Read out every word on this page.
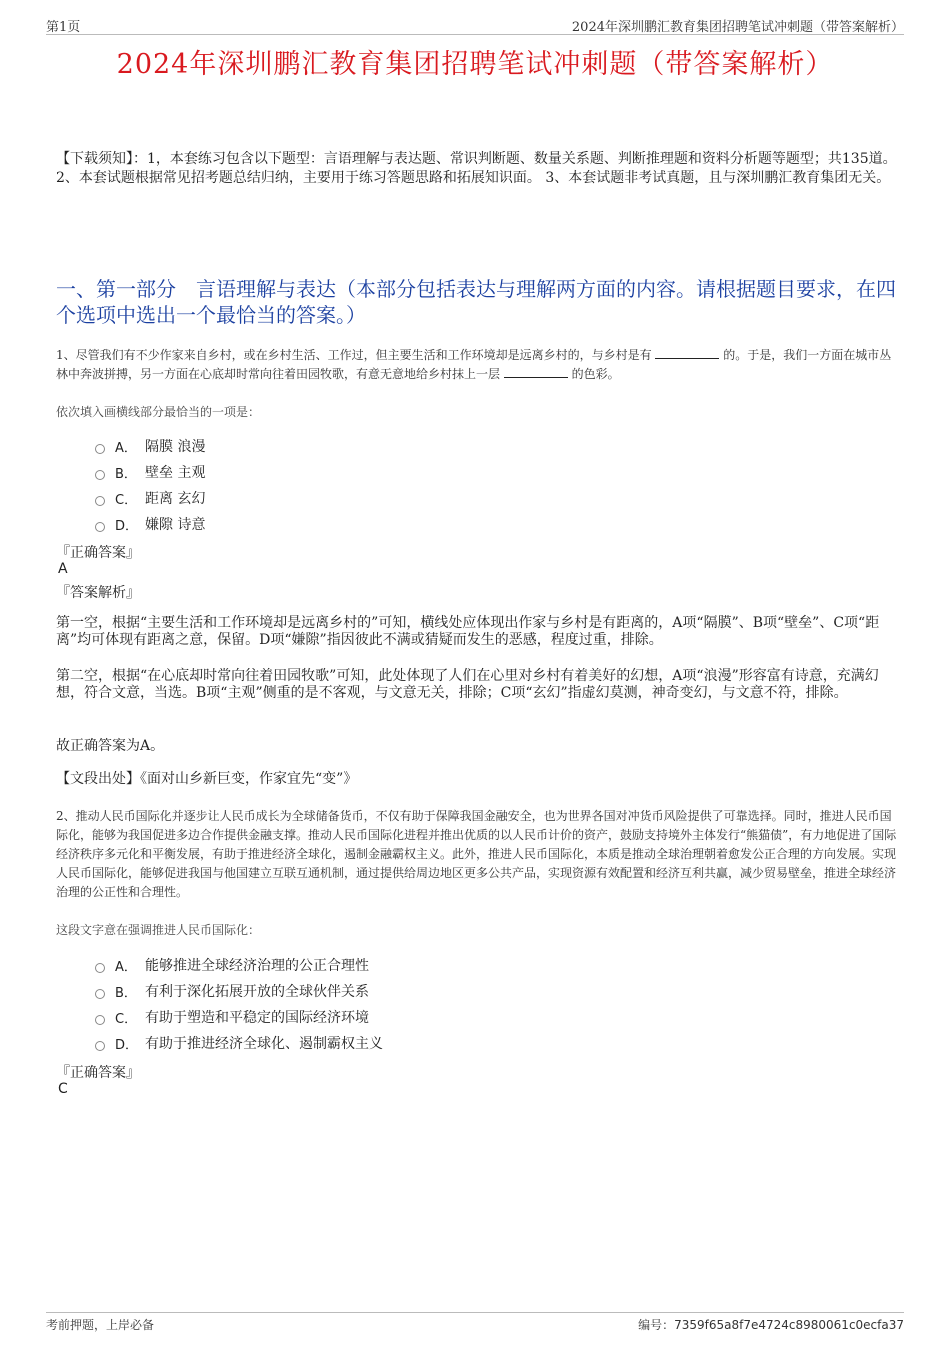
第1页	2024年深圳鹏汇教育集团招聘笔试冲刺题（带答案解析）
2024年深圳鹏汇教育集团招聘笔试冲刺题（带答案解析）
【下载须知】：1，本套练习包含以下题型：言语理解与表达题、常识判断题、数量关系题、判断推理题和资料分析题等题型；共135道。 2、本套试题根据常见招考题总结归纳，主要用于练习答题思路和拓展知识面。 3、本套试题非考试真题，且与深圳鹏汇教育集团无关。
一、第一部分　言语理解与表达（本部分包括表达与理解两方面的内容。请根据题目要求，在四个选项中选出一个最恰当的答案。）
1、尽管我们有不少作家来自乡村，或在乡村生活、工作过，但主要生活和工作环境却是远离乡村的，与乡村是有	的。于是，我们一方面在城市丛林中奔波拼搏，另一方面在心底却时常向往着田园牧歌，有意无意地给乡村抹上一层	的色彩。
依次填入画横线部分最恰当的一项是：
A． 隔膜 浪漫
B． 壁垒 主观
C． 距离 玄幻
D． 嫌隙 诗意
『正确答案』
A
『答案解析』
第一空，根据“主要生活和工作环境却是远离乡村的”可知，横线处应体现出作家与乡村是有距离的，A项“隔膜”、B项“壁垒”、C项“距离”均可体现有距离之意，保留。D项“嫌隙”指因彼此不满或猜疑而发生的恶感，程度过重，排除。
第二空，根据“在心底却时常向往着田园牧歌”可知，此处体现了人们在心里对乡村有着美好的幻想，A项“浪漫”形容富有诗意，充满幻想，符合文意，当选。B项“主观”侧重的是不客观，与文意无关，排除；C项“玄幻”指虚幻莫测，神奇变幻，与文意不符，排除。
故正确答案为A。
【文段出处】《面对山乡新巨变，作家宜先“变”》
2、推动人民币国际化并逐步让人民币成长为全球储备货币，不仅有助于保障我国金融安全，也为世界各国对冲货币风险提供了可靠选择。同时，推进人民币国际化，能够为我国促进多边合作提供金融支撑。推动人民币国际化进程并推出优质的以人民币计价的资产，鼓励支持境外主体发行“熊猫债”，有力地促进了国际经济秩序多元化和平衡发展，有助于推进经济全球化，遏制金融霸权主义。此外，推进人民币国际化，本质是推动全球治理朝着愈发公正合理的方向发展。实现人民币国际化，能够促进我国与他国建立互联互通机制，通过提供给周边地区更多公共产品，实现资源有效配置和经济互利共赢，减少贸易壁垒，推进全球经济治理的公正性和合理性。
这段文字意在强调推进人民币国际化：
A． 能够推进全球经济治理的公正合理性
B． 有利于深化拓展开放的全球伙伴关系
C． 有助于塑造和平稳定的国际经济环境
D． 有助于推进经济全球化、遏制霸权主义
『正确答案』
C
考前押题，上岸必备	编号：7359f65a8f7e4724c8980061c0ecfa37
